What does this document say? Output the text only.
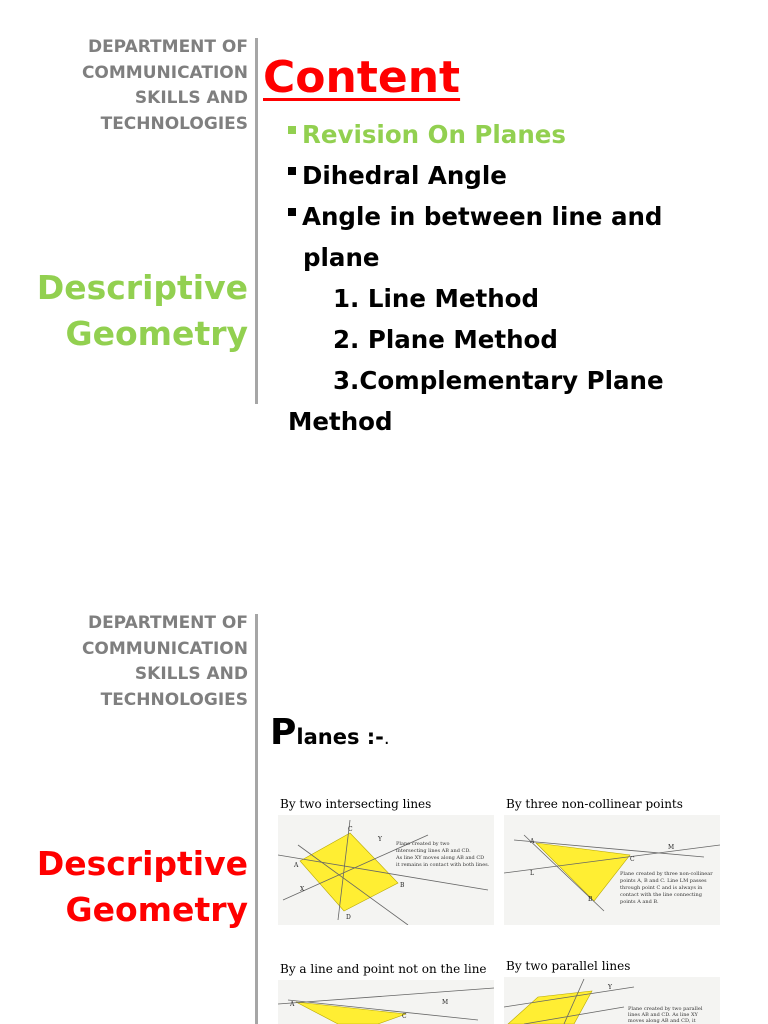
DEPARTMENT OF
COMMUNICATION
SKILLS AND
TECHNOLOGIES
Descriptive
Geometry
Content
Revision On Planes
Dihedral Angle
Angle in between line and
plane
1. Line Method
2. Plane Method
3.Complementary Plane
Method
DEPARTMENT OF
COMMUNICATION
SKILLS AND
TECHNOLOGIES
Descriptive
Geometry
Planes :-.
By two intersecting lines
A
B
C
D
X
Y
Plane created by two intersecting lines AB and CD. As line XY moves along AB and CD it remains in contact with both lines.
By three non-collinear points
A
B
C
L
M
Plane created by three non-collinear points A, B and C. Line LM passes through point C and is always in contact with the line connecting points A and B.
By a line and point not on the line
A
C
M
By two parallel lines
Y
Plane created by two parallel lines AB and CD. As line XY moves along AB and CD, it
